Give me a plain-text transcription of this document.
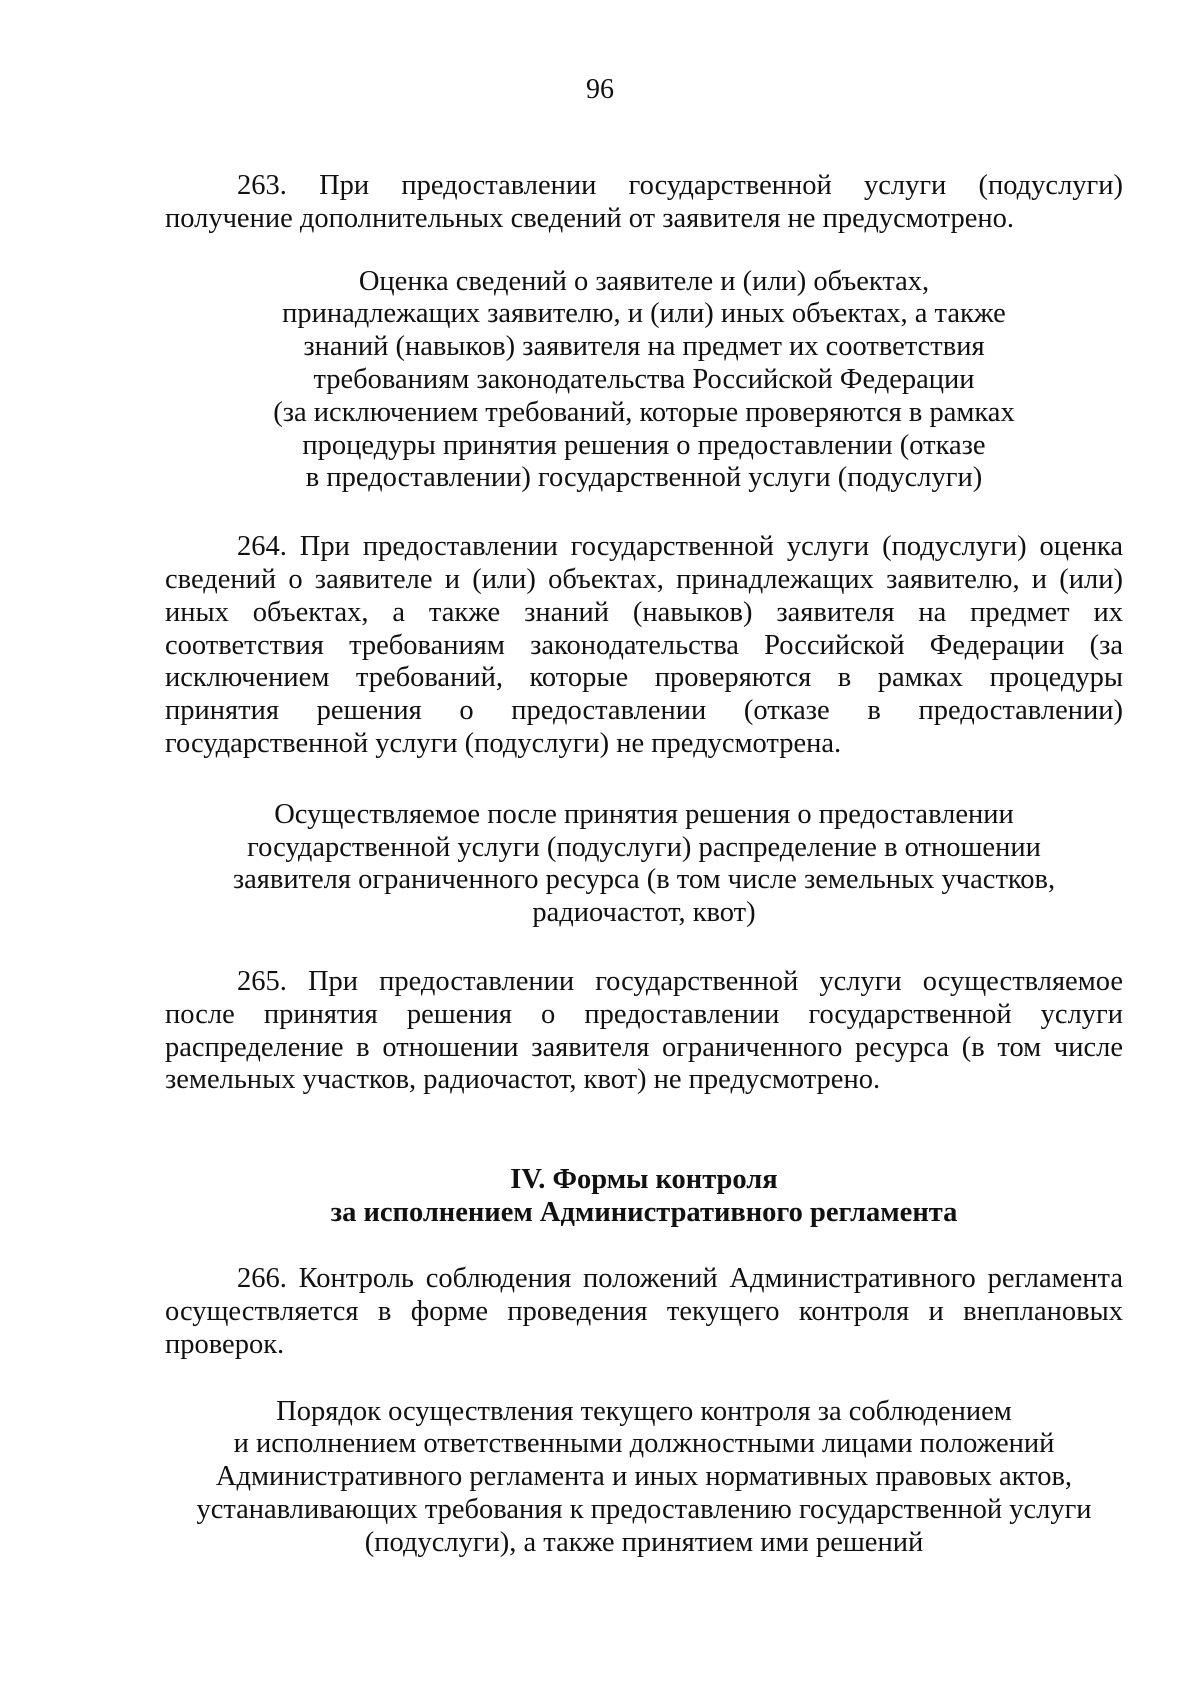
96

263. При предоставлении государственной услуги (подуслуги) получение дополнительных сведений от заявителя не предусмотрено.

Оценка сведений о заявителе и (или) объектах,
принадлежащих заявителю, и (или) иных объектах, а также
знаний (навыков) заявителя на предмет их соответствия
требованиям законодательства Российской Федерации
(за исключением требований, которые проверяются в рамках
процедуры принятия решения о предоставлении (отказе
в предоставлении) государственной услуги (подуслуги)

264. При предоставлении государственной услуги (подуслуги) оценка сведений о заявителе и (или) объектах, принадлежащих заявителю, и (или) иных объектах, а также знаний (навыков) заявителя на предмет их соответствия требованиям законодательства Российской Федерации (за исключением требований, которые проверяются в рамках процедуры принятия решения о предоставлении (отказе в предоставлении) государственной услуги (подуслуги) не предусмотрена.

Осуществляемое после принятия решения о предоставлении
государственной услуги (подуслуги) распределение в отношении
заявителя ограниченного ресурса (в том числе земельных участков,
радиочастот, квот)

265. При предоставлении государственной услуги осуществляемое после принятия решения о предоставлении государственной услуги распределение в отношении заявителя ограниченного ресурса (в том числе земельных участков, радиочастот, квот) не предусмотрено.

IV. Формы контроля
за исполнением Административного регламента

266. Контроль соблюдения положений Административного регламента осуществляется в форме проведения текущего контроля и внеплановых проверок.

Порядок осуществления текущего контроля за соблюдением
и исполнением ответственными должностными лицами положений
Административного регламента и иных нормативных правовых актов,
устанавливающих требования к предоставлению государственной услуги
(подуслуги), а также принятием ими решений
